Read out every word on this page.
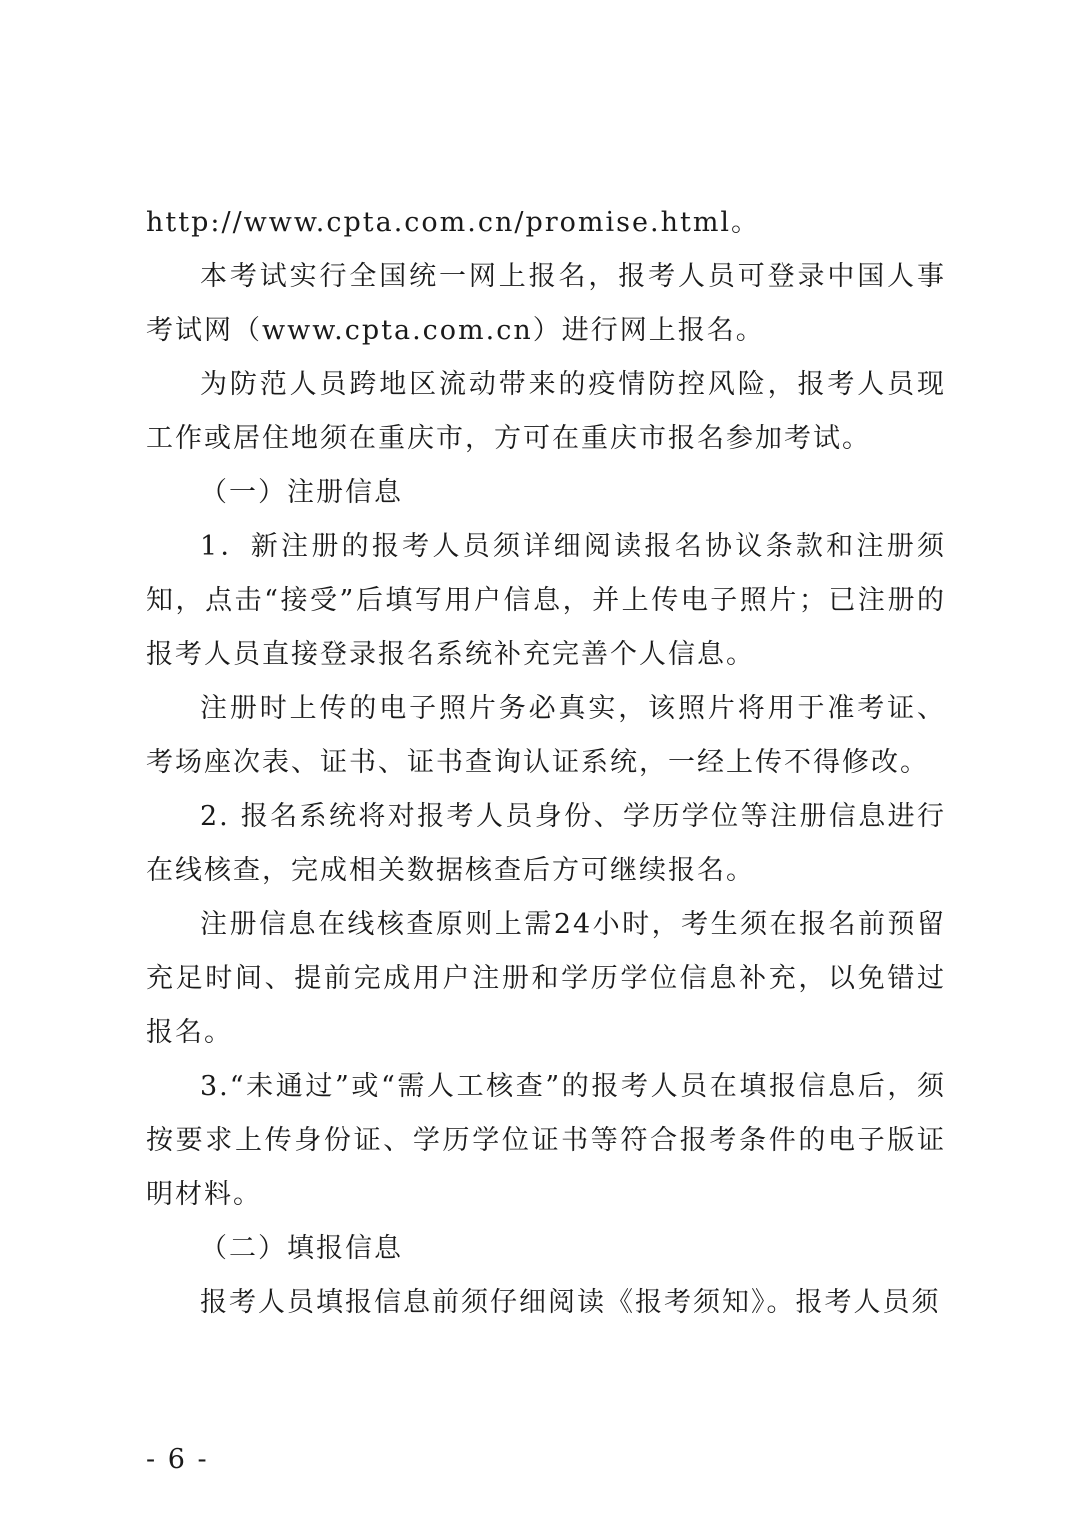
http://www.cpta.com.cn/promise.html。

本考试实行全国统一网上报名，报考人员可登录中国人事考试网（www.cpta.com.cn）进行网上报名。

为防范人员跨地区流动带来的疫情防控风险，报考人员现工作或居住地须在重庆市，方可在重庆市报名参加考试。

（一）注册信息

1．新注册的报考人员须详细阅读报名协议条款和注册须知，点击“接受”后填写用户信息，并上传电子照片；已注册的报考人员直接登录报名系统补充完善个人信息。

注册时上传的电子照片务必真实，该照片将用于准考证、考场座次表、证书、证书查询认证系统，一经上传不得修改。

2. 报名系统将对报考人员身份、学历学位等注册信息进行在线核查，完成相关数据核查后方可继续报名。

注册信息在线核查原则上需24小时，考生须在报名前预留充足时间、提前完成用户注册和学历学位信息补充，以免错过报名。

3.“未通过”或“需人工核查”的报考人员在填报信息后，须按要求上传身份证、学历学位证书等符合报考条件的电子版证明材料。

（二）填报信息

报考人员填报信息前须仔细阅读《报考须知》。报考人员须

- 6 -
